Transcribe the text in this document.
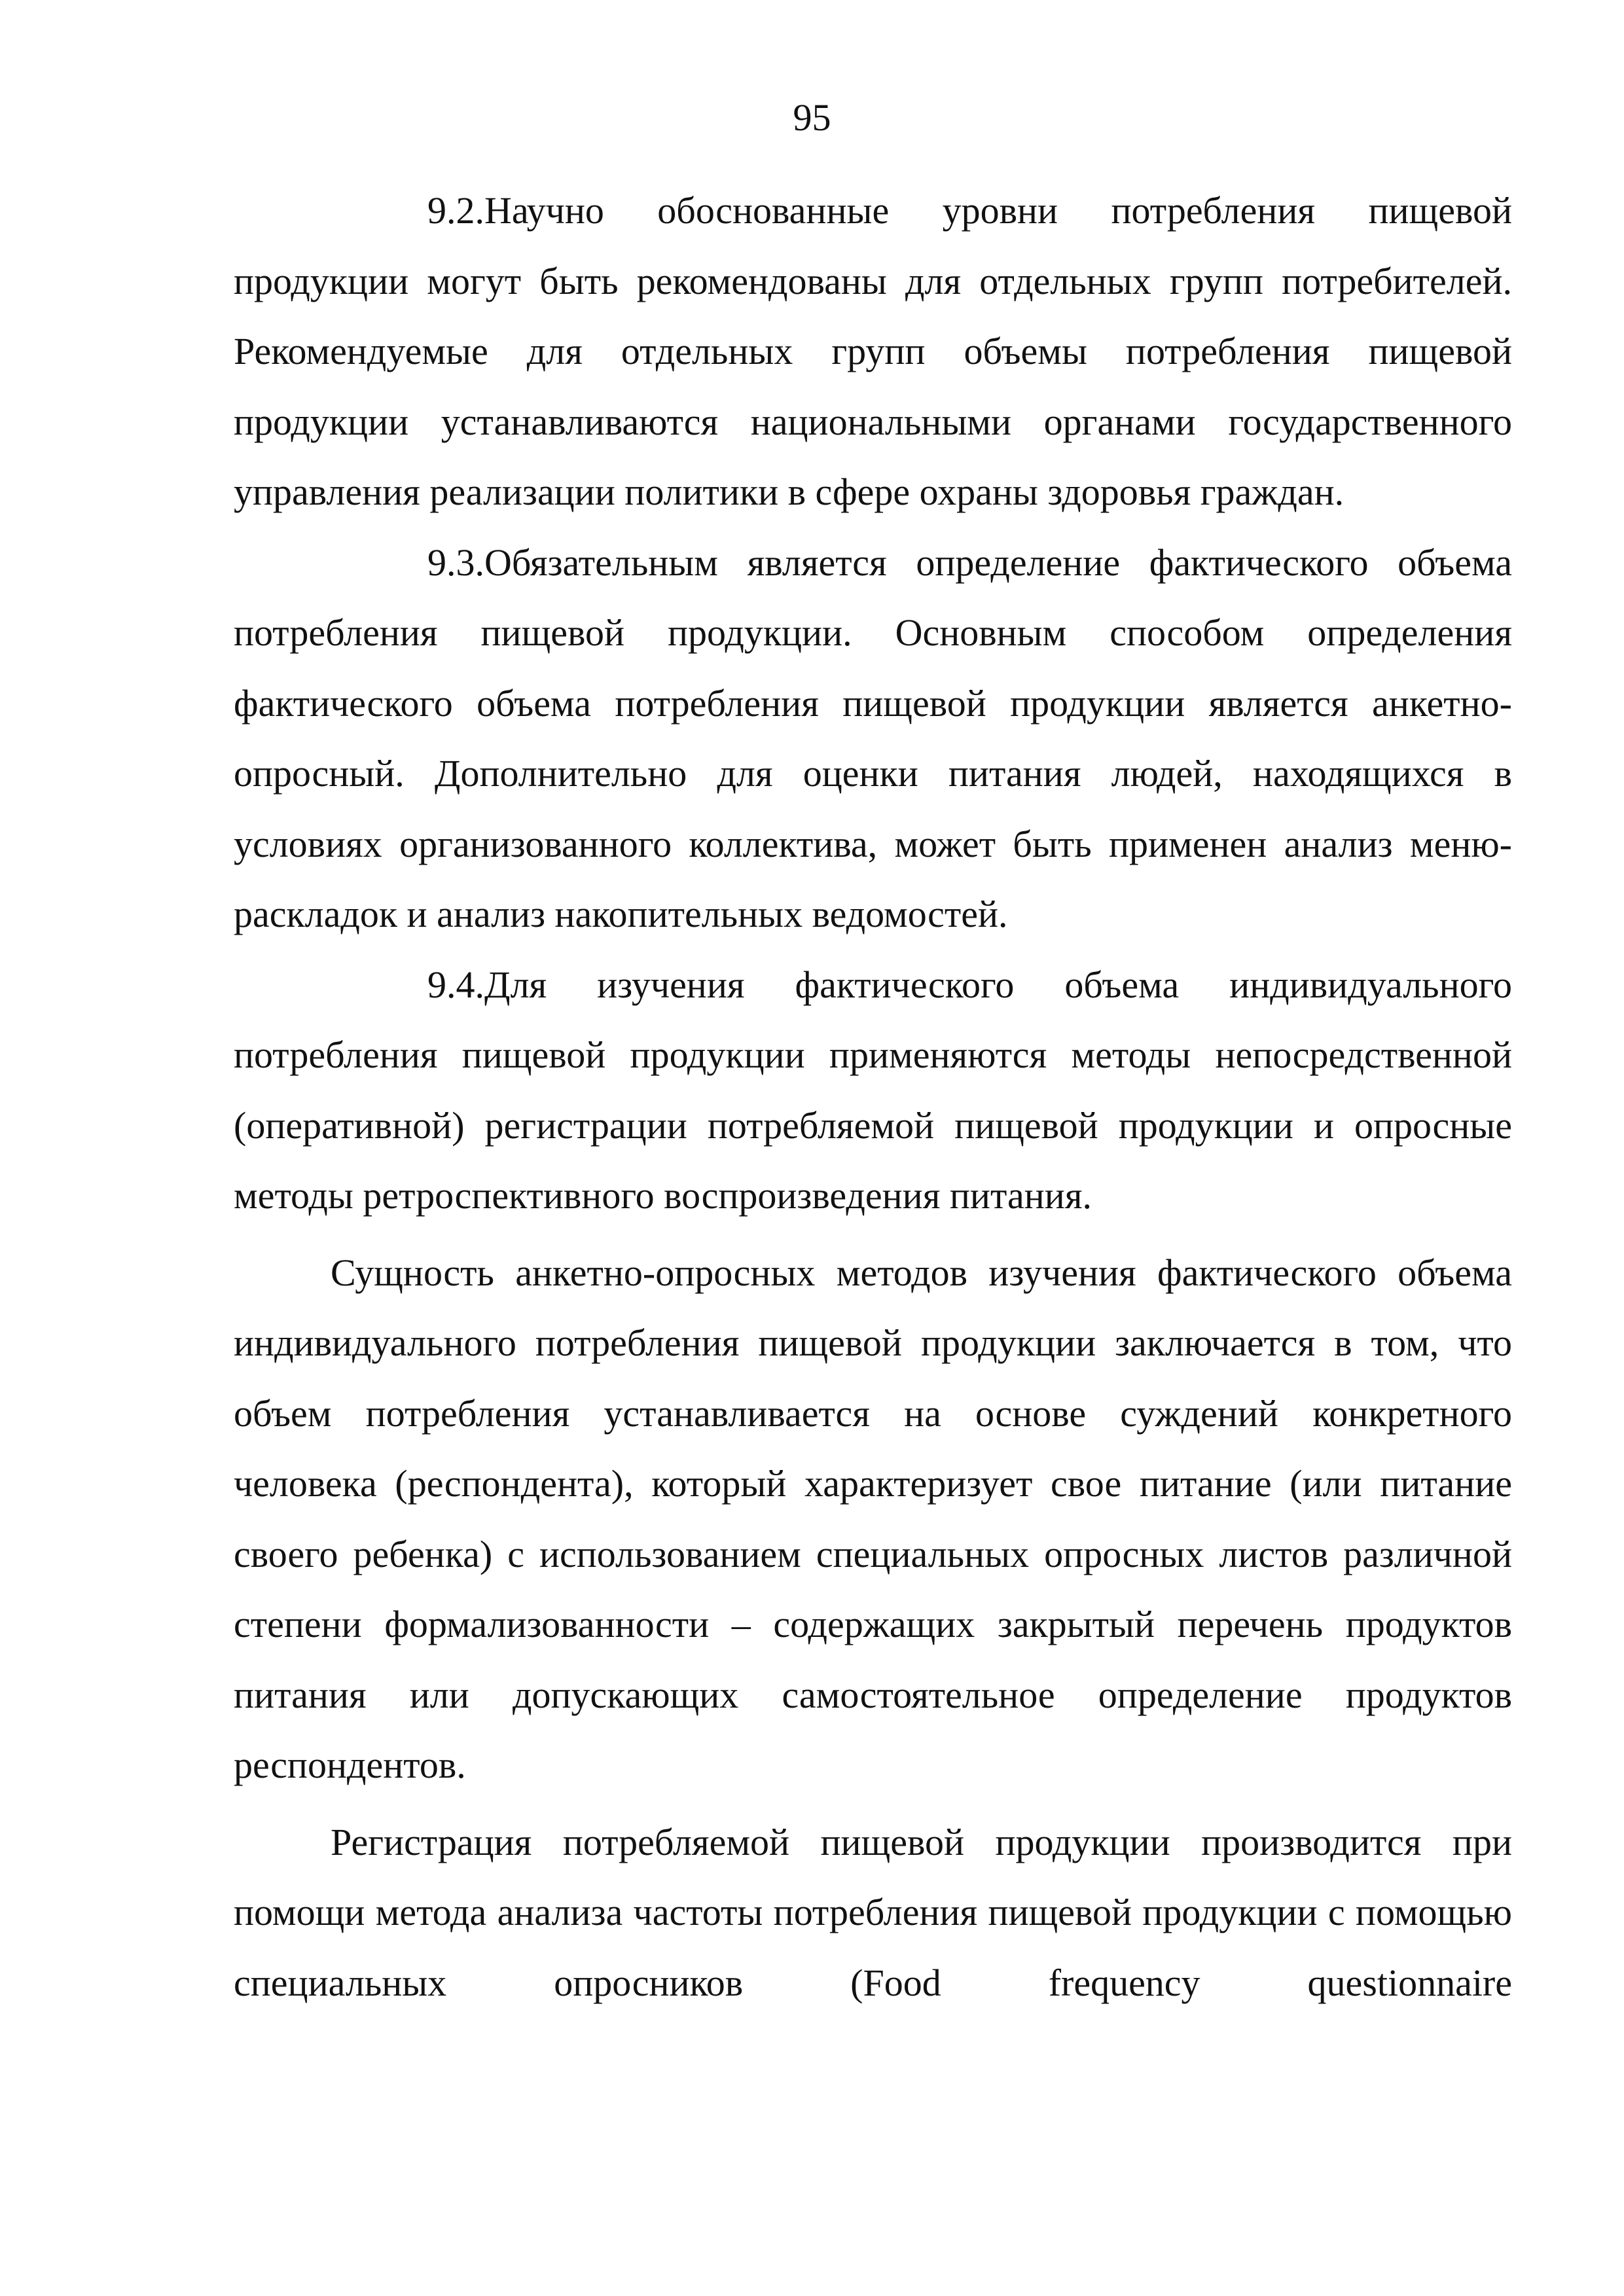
95

9.2.Научно обоснованные уровни потребления пищевой продукции могут быть рекомендованы для отдельных групп потребителей. Рекомендуемые для отдельных групп объемы потребления пищевой продукции устанавливаются национальными органами государственного управления реализации политики в сфере охраны здоровья граждан.

9.3.Обязательным является определение фактического объема потребления пищевой продукции. Основным способом определения фактического объема потребления пищевой продукции является анкетно-опросный. Дополнительно для оценки питания людей, находящихся в условиях организованного коллектива, может быть применен анализ меню-раскладок и анализ накопительных ведомостей.

9.4.Для изучения фактического объема индивидуального потребления пищевой продукции применяются методы непосредственной (оперативной) регистрации потребляемой пищевой продукции и опросные методы ретроспективного воспроизведения питания.

Сущность анкетно-опросных методов изучения фактического объема индивидуального потребления пищевой продукции заключается в том, что объем потребления устанавливается на основе суждений конкретного человека (респондента), который характеризует свое питание (или питание своего ребенка) с использованием специальных опросных листов различной степени формализованности – содержащих закрытый перечень продуктов питания или допускающих самостоятельное определение продуктов респондентов.

Регистрация потребляемой пищевой продукции производится при помощи метода анализа частоты потребления пищевой продукции с помощью специальных опросников (Food frequency questionnaire
